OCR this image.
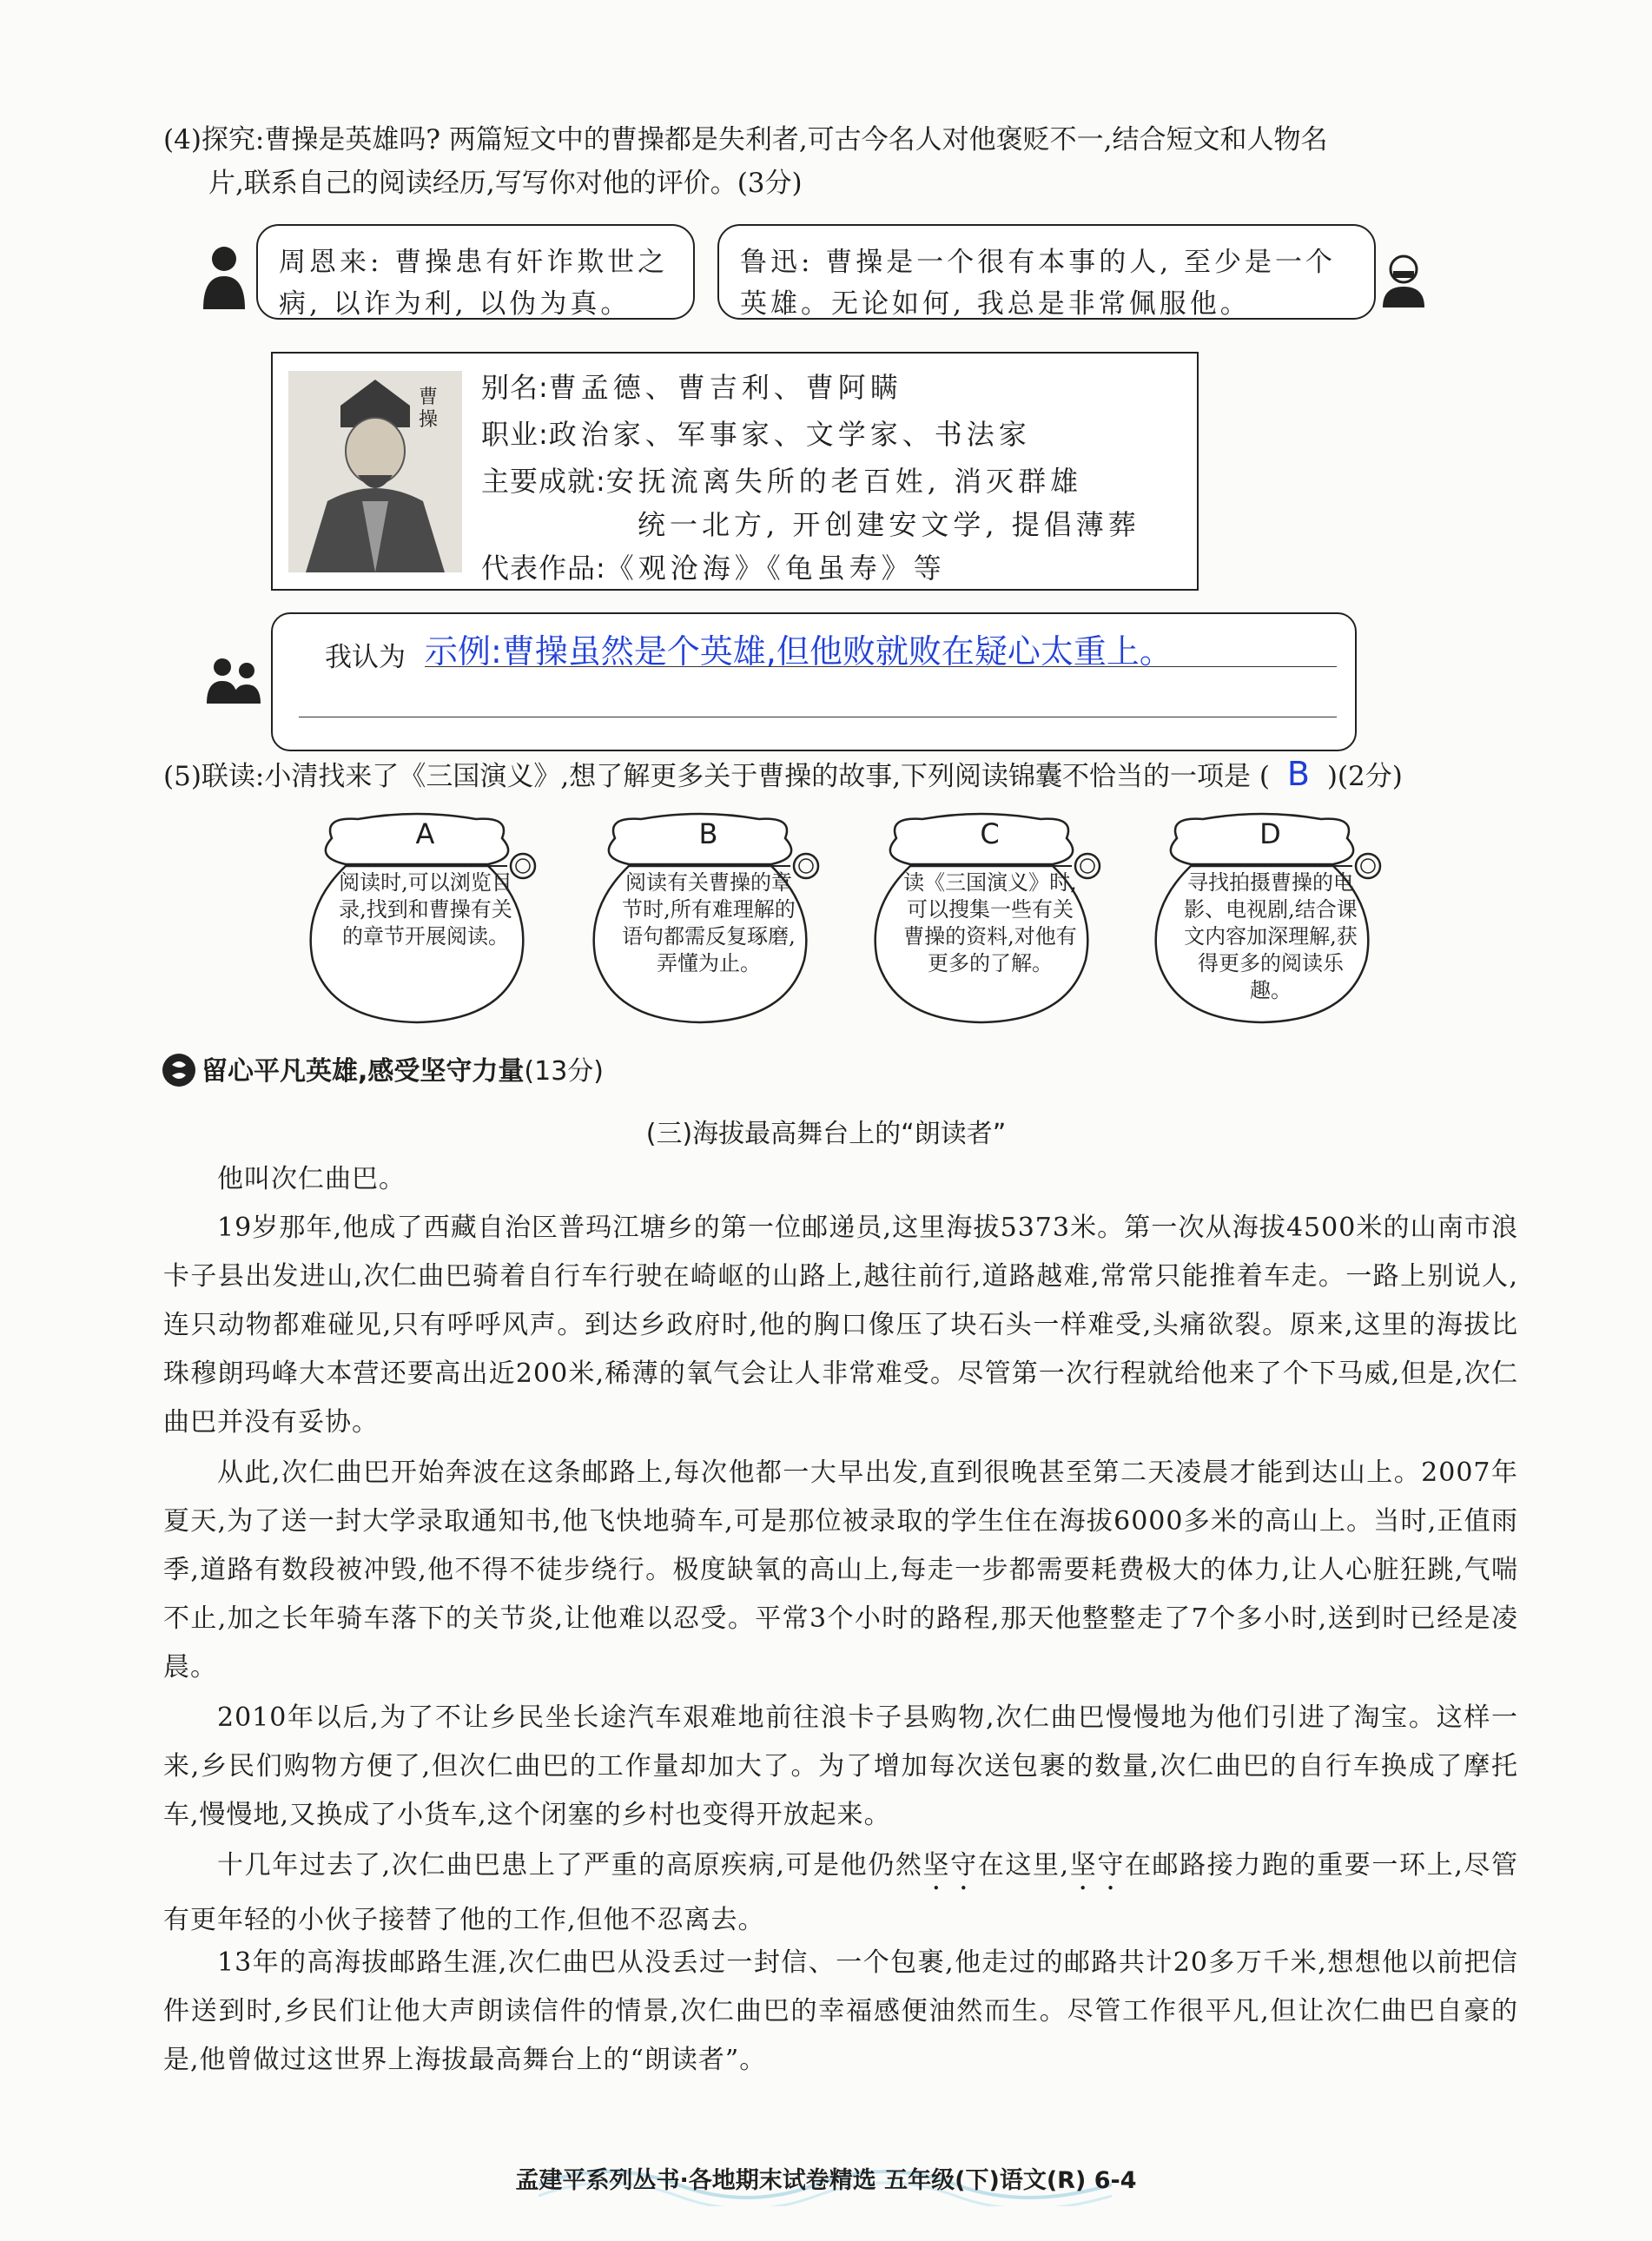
(4)探究:曹操是英雄吗? 两篇短文中的曹操都是失利者,可古今名人对他褒贬不一,结合短文和人物名
片,联系自己的阅读经历,写写你对他的评价。(3分)
周恩来: 曹操患有奸诈欺世之病, 以诈为利, 以伪为真。
鲁迅: 曹操是一个很有本事的人, 至少是一个英雄。无论如何, 我总是非常佩服他。
曹操
别名:曹孟德、曹吉利、曹阿瞒
职业:政治家、军事家、文学家、书法家
主要成就:安抚流离失所的老百姓, 消灭群雄
统一北方, 开创建安文学, 提倡薄葬
代表作品:《观沧海》《龟虽寿》等
我认为 示例:曹操虽然是个英雄,但他败就败在疑心太重上。
(5)联读:小清找来了《三国演义》,想了解更多关于曹操的故事,下列阅读锦囊不恰当的一项是 ( B )(2分)
A
阅读时,可以浏览目录,找到和曹操有关的章节开展阅读。
B
阅读有关曹操的章节时,所有难理解的语句都需反复琢磨,弄懂为止。
C
读《三国演义》时,可以搜集一些有关曹操的资料,对他有更多的了解。
D
寻找拍摄曹操的电影、电视剧,结合课文内容加深理解,获得更多的阅读乐趣。
留心平凡英雄,感受坚守力量(13分)
(三)海拔最高舞台上的“朗读者”
他叫次仁曲巴。
19岁那年,他成了西藏自治区普玛江塘乡的第一位邮递员,这里海拔5373米。第一次从海拔4500米的山南市浪卡子县出发进山,次仁曲巴骑着自行车行驶在崎岖的山路上,越往前行,道路越难,常常只能推着车走。一路上别说人,连只动物都难碰见,只有呼呼风声。到达乡政府时,他的胸口像压了块石头一样难受,头痛欲裂。原来,这里的海拔比珠穆朗玛峰大本营还要高出近200米,稀薄的氧气会让人非常难受。尽管第一次行程就给他来了个下马威,但是,次仁曲巴并没有妥协。
从此,次仁曲巴开始奔波在这条邮路上,每次他都一大早出发,直到很晚甚至第二天凌晨才能到达山上。2007年夏天,为了送一封大学录取通知书,他飞快地骑车,可是那位被录取的学生住在海拔6000多米的高山上。当时,正值雨季,道路有数段被冲毁,他不得不徒步绕行。极度缺氧的高山上,每走一步都需要耗费极大的体力,让人心脏狂跳,气喘不止,加之长年骑车落下的关节炎,让他难以忍受。平常3个小时的路程,那天他整整走了7个多小时,送到时已经是凌晨。
2010年以后,为了不让乡民坐长途汽车艰难地前往浪卡子县购物,次仁曲巴慢慢地为他们引进了淘宝。这样一来,乡民们购物方便了,但次仁曲巴的工作量却加大了。为了增加每次送包裹的数量,次仁曲巴的自行车换成了摩托车,慢慢地,又换成了小货车,这个闭塞的乡村也变得开放起来。
十几年过去了,次仁曲巴患上了严重的高原疾病,可是他仍然坚守在这里,坚守在邮路接力跑的重要一环上,尽管有更年轻的小伙子接替了他的工作,但他不忍离去。
13年的高海拔邮路生涯,次仁曲巴从没丢过一封信、一个包裹,他走过的邮路共计20多万千米,想想他以前把信件送到时,乡民们让他大声朗读信件的情景,次仁曲巴的幸福感便油然而生。尽管工作很平凡,但让次仁曲巴自豪的是,他曾做过这世界上海拔最高舞台上的“朗读者”。
孟建平系列丛书·各地期末试卷精选 五年级(下)语文(R) 6-4
